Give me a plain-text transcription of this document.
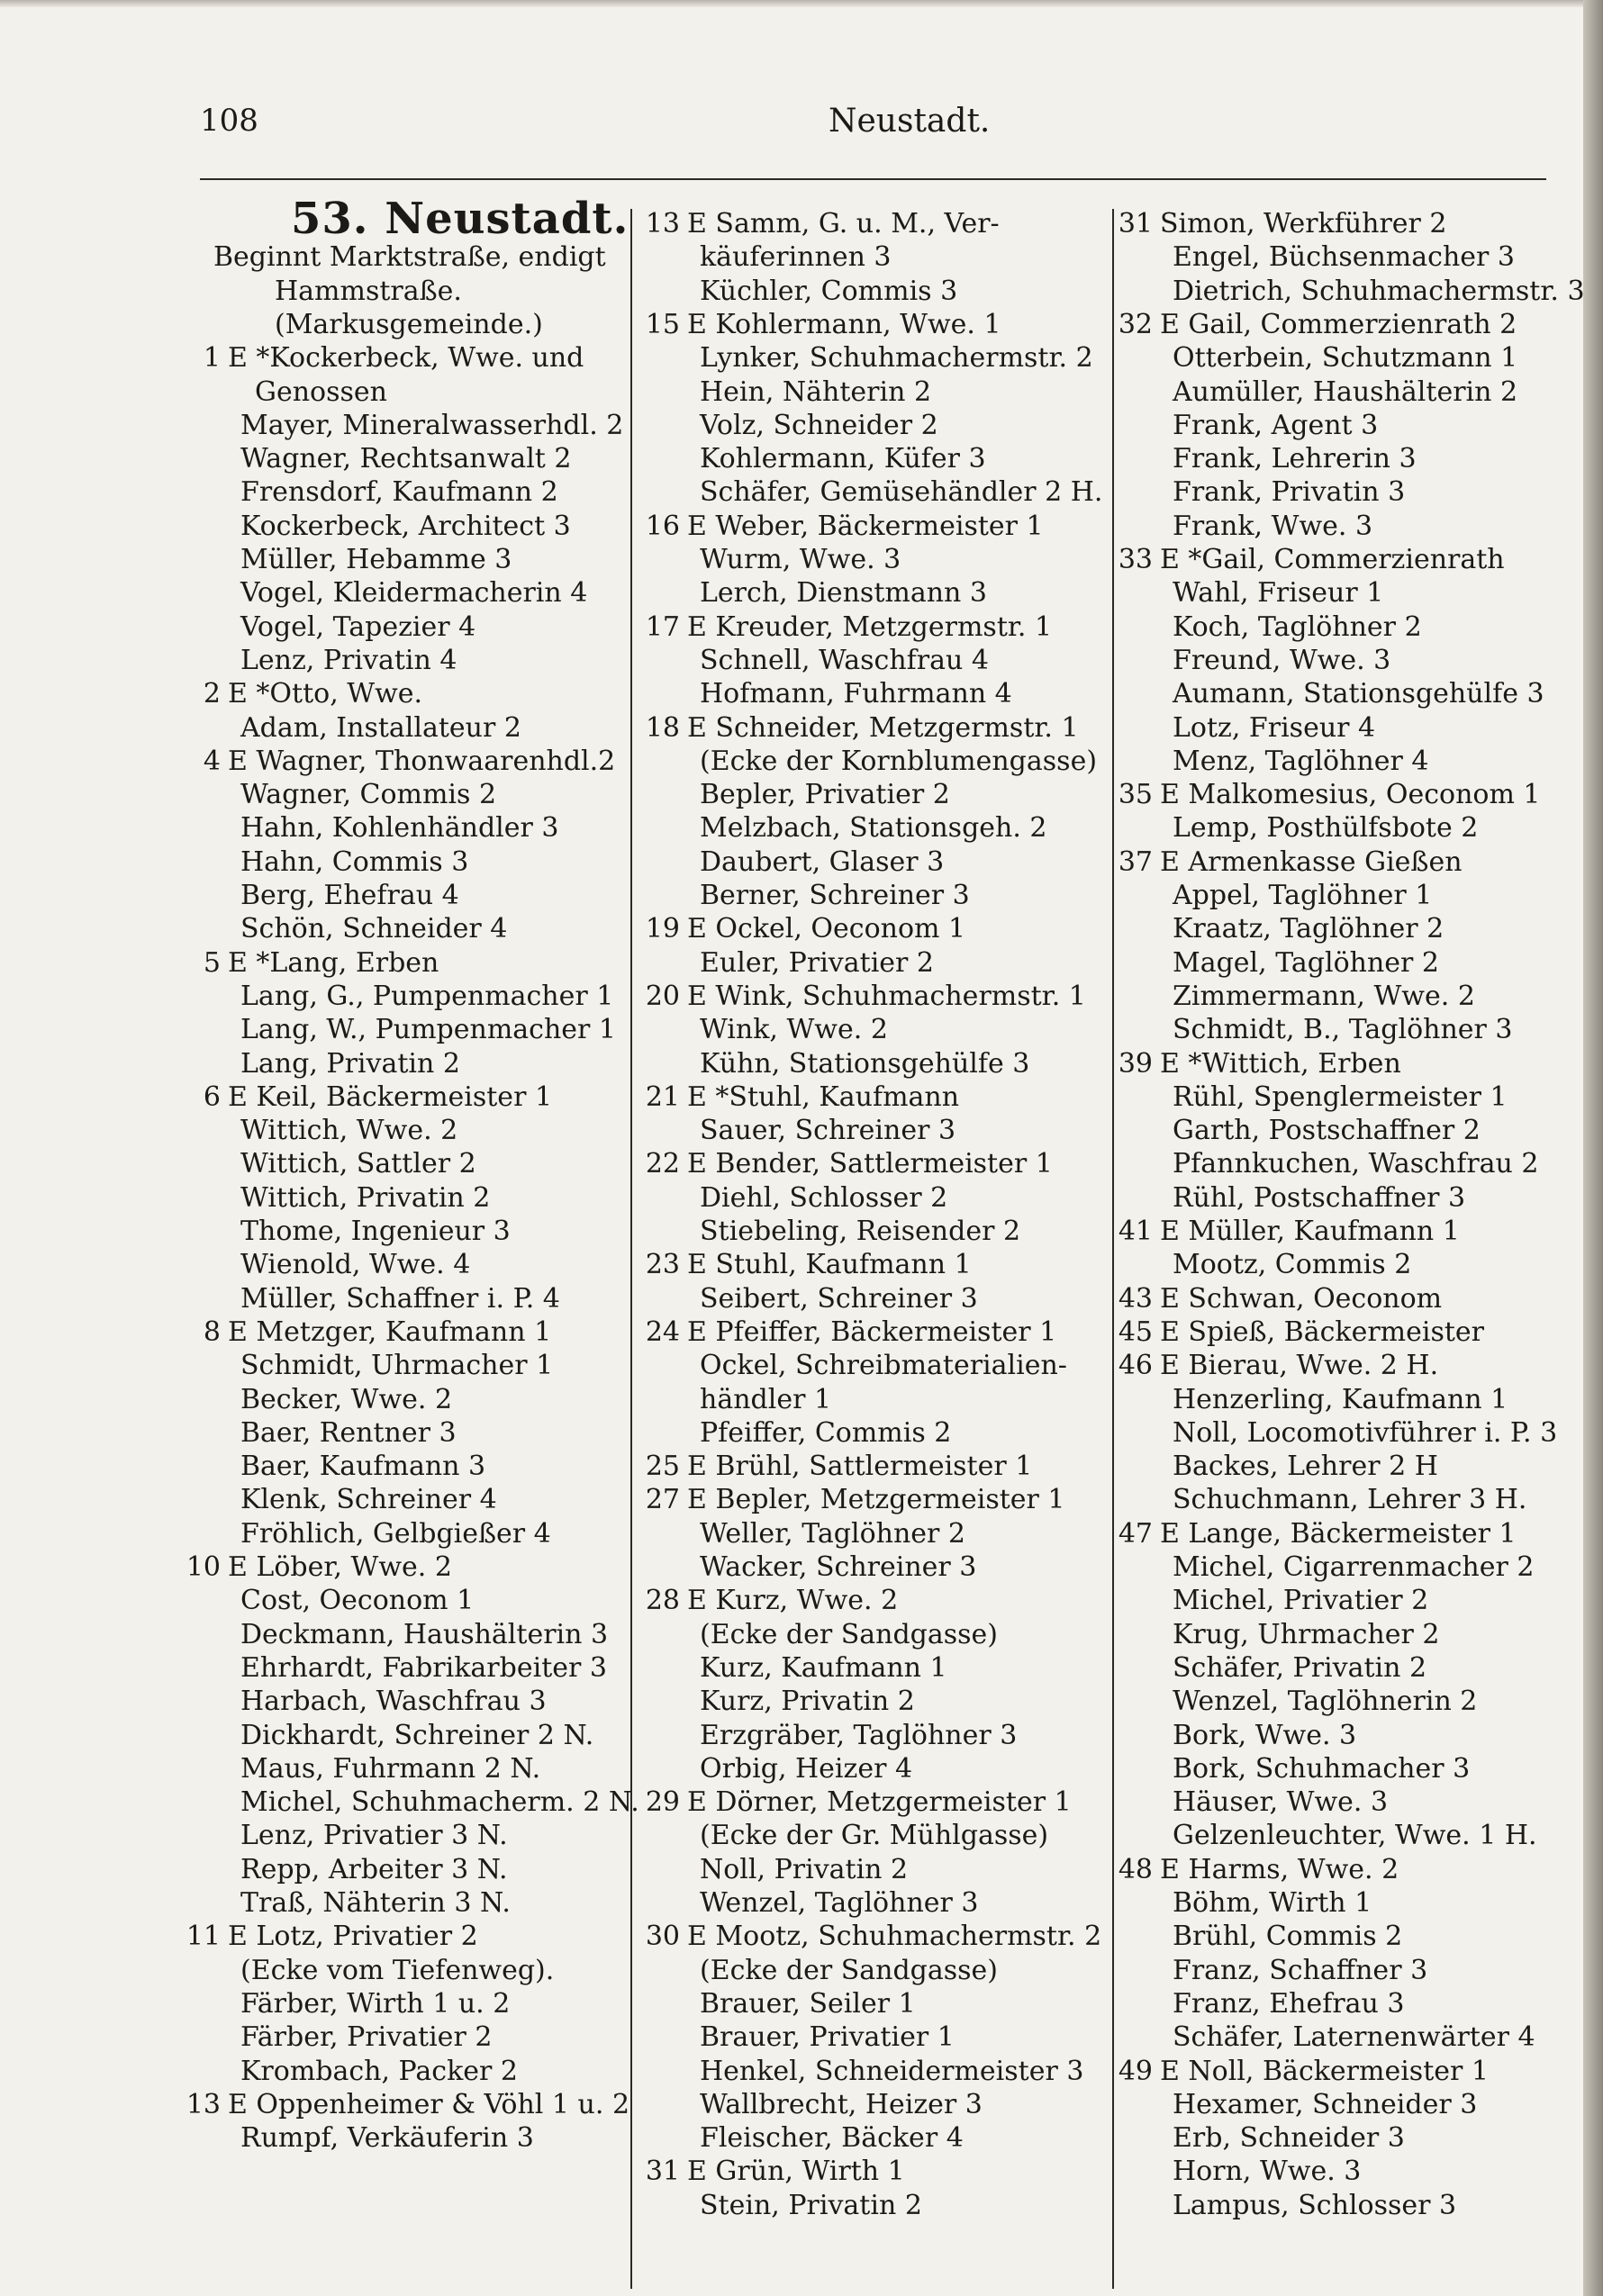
108	Neustadt.
53. Neustadt.
Beginnt Marktstraße, endigt
Hammstraße.
(Markusgemeinde.)
1 E *Kockerbeck, Wwe. und
Genossen
Mayer, Mineralwasserhdl. 2
Wagner, Rechtsanwalt 2
Frensdorf, Kaufmann 2
Kockerbeck, Architect 3
Müller, Hebamme 3
Vogel, Kleidermacherin 4
Vogel, Tapezier 4
Lenz, Privatin 4
2 E *Otto, Wwe.
Adam, Installateur 2
4 E Wagner, Thonwaarenhdl.2
Wagner, Commis 2
Hahn, Kohlenhändler 3
Hahn, Commis 3
Berg, Ehefrau 4
Schön, Schneider 4
5 E *Lang, Erben
Lang, G., Pumpenmacher 1
Lang, W., Pumpenmacher 1
Lang, Privatin 2
6 E Keil, Bäckermeister 1
Wittich, Wwe. 2
Wittich, Sattler 2
Wittich, Privatin 2
Thome, Ingenieur 3
Wienold, Wwe. 4
Müller, Schaffner i. P. 4
8 E Metzger, Kaufmann 1
Schmidt, Uhrmacher 1
Becker, Wwe. 2
Baer, Rentner 3
Baer, Kaufmann 3
Klenk, Schreiner 4
Fröhlich, Gelbgießer 4
10 E Löber, Wwe. 2
Cost, Oeconom 1
Deckmann, Haushälterin 3
Ehrhardt, Fabrikarbeiter 3
Harbach, Waschfrau 3
Dickhardt, Schreiner 2 N.
Maus, Fuhrmann 2 N.
Michel, Schuhmacherm. 2 N.
Lenz, Privatier 3 N.
Repp, Arbeiter 3 N.
Traß, Nähterin 3 N.
11 E Lotz, Privatier 2
(Ecke vom Tiefenweg).
Färber, Wirth 1 u. 2
Färber, Privatier 2
Krombach, Packer 2
13 E Oppenheimer & Vöhl 1 u. 2
Rumpf, Verkäuferin 3
13 E Samm, G. u. M., Ver-
käuferinnen 3
Küchler, Commis 3
15 E Kohlermann, Wwe. 1
Lynker, Schuhmachermstr. 2
Hein, Nähterin 2
Volz, Schneider 2
Kohlermann, Küfer 3
Schäfer, Gemüsehändler 2 H.
16 E Weber, Bäckermeister 1
Wurm, Wwe. 3
Lerch, Dienstmann 3
17 E Kreuder, Metzgermstr. 1
Schnell, Waschfrau 4
Hofmann, Fuhrmann 4
18 E Schneider, Metzgermstr. 1
(Ecke der Kornblumengasse)
Bepler, Privatier 2
Melzbach, Stationsgeh. 2
Daubert, Glaser 3
Berner, Schreiner 3
19 E Ockel, Oeconom 1
Euler, Privatier 2
20 E Wink, Schuhmachermstr. 1
Wink, Wwe. 2
Kühn, Stationsgehülfe 3
21 E *Stuhl, Kaufmann
Sauer, Schreiner 3
22 E Bender, Sattlermeister 1
Diehl, Schlosser 2
Stiebeling, Reisender 2
23 E Stuhl, Kaufmann 1
Seibert, Schreiner 3
24 E Pfeiffer, Bäckermeister 1
Ockel, Schreibmaterialien-
händler 1
Pfeiffer, Commis 2
25 E Brühl, Sattlermeister 1
27 E Bepler, Metzgermeister 1
Weller, Taglöhner 2
Wacker, Schreiner 3
28 E Kurz, Wwe. 2
(Ecke der Sandgasse)
Kurz, Kaufmann 1
Kurz, Privatin 2
Erzgräber, Taglöhner 3
Orbig, Heizer 4
29 E Dörner, Metzgermeister 1
(Ecke der Gr. Mühlgasse)
Noll, Privatin 2
Wenzel, Taglöhner 3
30 E Mootz, Schuhmachermstr. 2
(Ecke der Sandgasse)
Brauer, Seiler 1
Brauer, Privatier 1
Henkel, Schneidermeister 3
Wallbrecht, Heizer 3
Fleischer, Bäcker 4
31 E Grün, Wirth 1
Stein, Privatin 2
31 Simon, Werkführer 2
Engel, Büchsenmacher 3
Dietrich, Schuhmachermstr. 3
32 E Gail, Commerzienrath 2
Otterbein, Schutzmann 1
Aumüller, Haushälterin 2
Frank, Agent 3
Frank, Lehrerin 3
Frank, Privatin 3
Frank, Wwe. 3
33 E *Gail, Commerzienrath
Wahl, Friseur 1
Koch, Taglöhner 2
Freund, Wwe. 3
Aumann, Stationsgehülfe 3
Lotz, Friseur 4
Menz, Taglöhner 4
35 E Malkomesius, Oeconom 1
Lemp, Posthülfsbote 2
37 E Armenkasse Gießen
Appel, Taglöhner 1
Kraatz, Taglöhner 2
Magel, Taglöhner 2
Zimmermann, Wwe. 2
Schmidt, B., Taglöhner 3
39 E *Wittich, Erben
Rühl, Spenglermeister 1
Garth, Postschaffner 2
Pfannkuchen, Waschfrau 2
Rühl, Postschaffner 3
41 E Müller, Kaufmann 1
Mootz, Commis 2
43 E Schwan, Oeconom
45 E Spieß, Bäckermeister
46 E Bierau, Wwe. 2 H.
Henzerling, Kaufmann 1
Noll, Locomotivführer i. P. 3
Backes, Lehrer 2 H
Schuchmann, Lehrer 3 H.
47 E Lange, Bäckermeister 1
Michel, Cigarrenmacher 2
Michel, Privatier 2
Krug, Uhrmacher 2
Schäfer, Privatin 2
Wenzel, Taglöhnerin 2
Bork, Wwe. 3
Bork, Schuhmacher 3
Häuser, Wwe. 3
Gelzenleuchter, Wwe. 1 H.
48 E Harms, Wwe. 2
Böhm, Wirth 1
Brühl, Commis 2
Franz, Schaffner 3
Franz, Ehefrau 3
Schäfer, Laternenwärter 4
49 E Noll, Bäckermeister 1
Hexamer, Schneider 3
Erb, Schneider 3
Horn, Wwe. 3
Lampus, Schlosser 3
